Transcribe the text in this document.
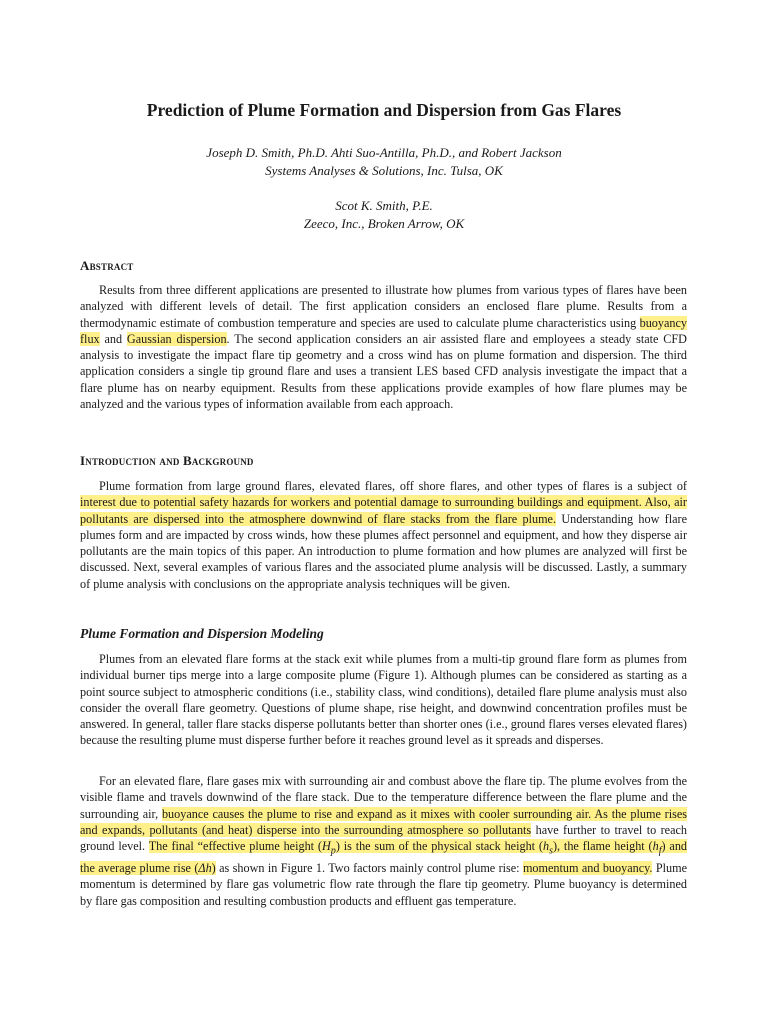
Prediction of Plume Formation and Dispersion from Gas Flares
Joseph D. Smith, Ph.D. Ahti Suo-Antilla, Ph.D., and Robert Jackson
Systems Analyses & Solutions, Inc. Tulsa, OK
Scot K. Smith, P.E.
Zeeco, Inc., Broken Arrow, OK
Abstract

Results from three different applications are presented to illustrate how plumes from various types of flares have been analyzed with different levels of detail. The first application considers an enclosed flare plume. Results from a thermodynamic estimate of combustion temperature and species are used to calculate plume characteristics using buoyancy flux and Gaussian dispersion. The second application considers an air assisted flare and employees a steady state CFD analysis to investigate the impact flare tip geometry and a cross wind has on plume formation and dispersion. The third application considers a single tip ground flare and uses a transient LES based CFD analysis investigate the impact that a flare plume has on nearby equipment. Results from these applications provide examples of how flare plumes may be analyzed and the various types of information available from each approach.

Introduction and Background

Plume formation from large ground flares, elevated flares, off shore flares, and other types of flares is a subject of interest due to potential safety hazards for workers and potential damage to surrounding buildings and equipment. Also, air pollutants are dispersed into the atmosphere downwind of flare stacks from the flare plume. Understanding how flare plumes form and are impacted by cross winds, how these plumes affect personnel and equipment, and how they disperse air pollutants are the main topics of this paper. An introduction to plume formation and how plumes are analyzed will first be discussed. Next, several examples of various flares and the associated plume analysis will be discussed. Lastly, a summary of plume analysis with conclusions on the appropriate analysis techniques will be given.

Plume Formation and Dispersion Modeling

Plumes from an elevated flare forms at the stack exit while plumes from a multi-tip ground flare form as plumes from individual burner tips merge into a large composite plume (Figure 1). Although plumes can be considered as starting as a point source subject to atmospheric conditions (i.e., stability class, wind conditions), detailed flare plume analysis must also consider the overall flare geometry. Questions of plume shape, rise height, and downwind concentration profiles must be answered. In general, taller flare stacks disperse pollutants better than shorter ones (i.e., ground flares verses elevated flares) because the resulting plume must disperse further before it reaches ground level as it spreads and disperses.

For an elevated flare, flare gases mix with surrounding air and combust above the flare tip. The plume evolves from the visible flame and travels downwind of the flare stack. Due to the temperature difference between the flare plume and the surrounding air, buoyance causes the plume to rise and expand as it mixes with cooler surrounding air. As the plume rises and expands, pollutants (and heat) disperse into the surrounding atmosphere so pollutants have further to travel to reach ground level. The final “effective plume height $(H_p)$ is the sum of the physical stack height $(h_s)$, the flame height $(h_f)$ and the average plume rise (Δh) as shown in Figure 1. Two factors mainly control plume rise: momentum and buoyancy. Plume momentum is determined by flare gas volumetric flow rate through the flare tip geometry. Plume buoyancy is determined by flare gas composition and resulting combustion products and effluent gas temperature.
